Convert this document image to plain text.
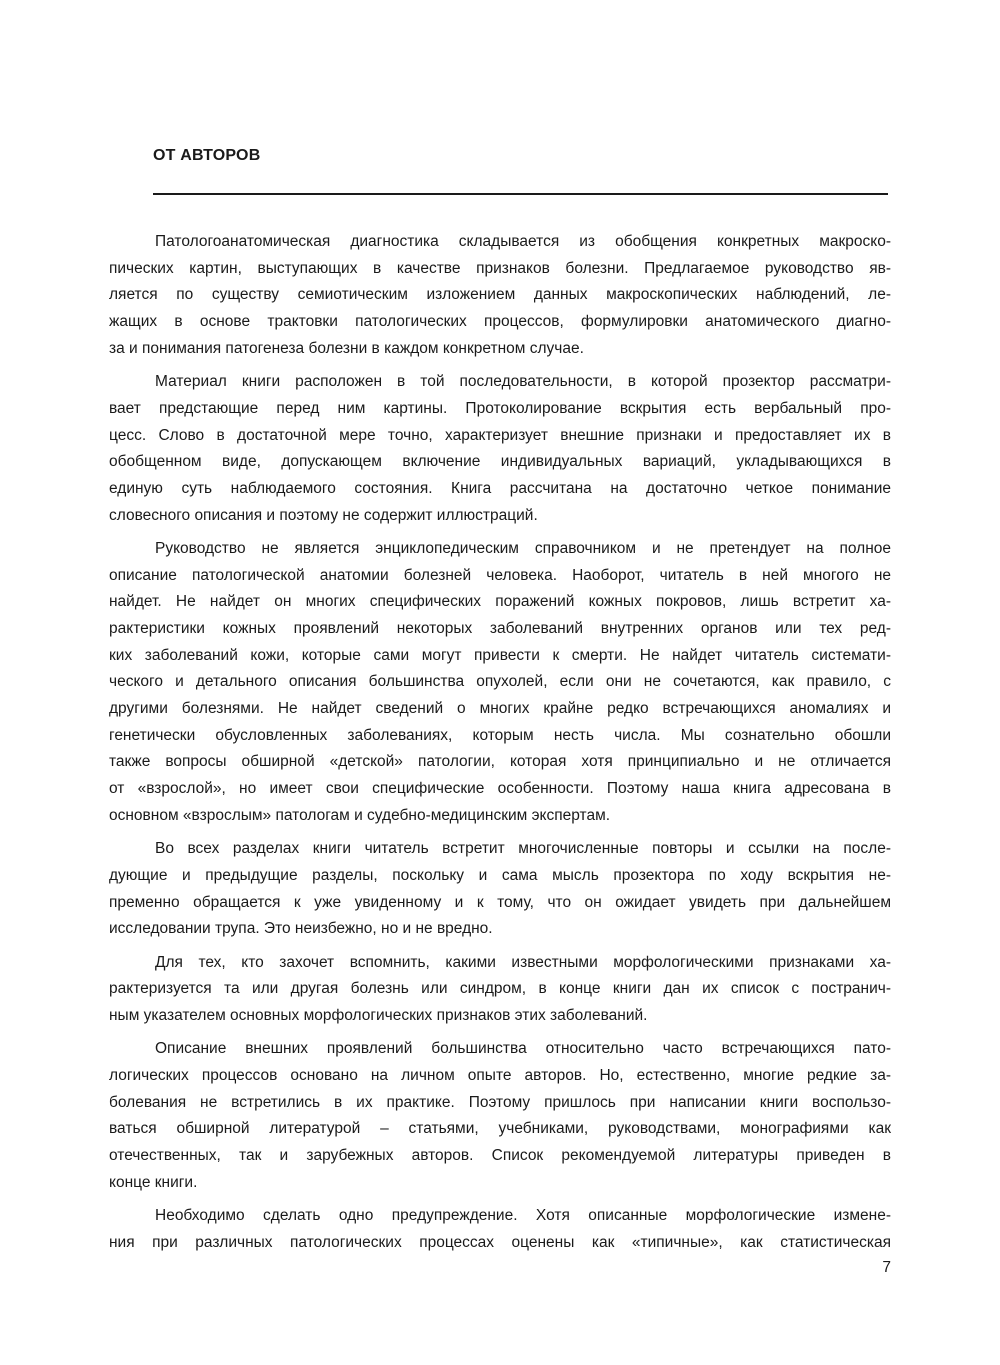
ОТ АВТОРОВ
Патологоанатомическая диагностика складывается из обобщения конкретных макроско-
пических картин, выступающих в качестве признаков болезни. Предлагаемое руководство яв-
ляется по существу семиотическим изложением данных макроскопических наблюдений, ле-
жащих в основе трактовки патологических процессов, формулировки анатомического диагно-
за и понимания патогенеза болезни в каждом конкретном случае.
Материал книги расположен в той последовательности, в которой прозектор рассматри-
вает предстающие перед ним картины. Протоколирование вскрытия есть вербальный про-
цесс. Слово в достаточной мере точно, характеризует внешние признаки и предоставляет их в
обобщенном виде, допускающем включение индивидуальных вариаций, укладывающихся в
единую суть наблюдаемого состояния. Книга рассчитана на достаточно четкое понимание
словесного описания и поэтому не содержит иллюстраций.
Руководство не является энциклопедическим справочником и не претендует на полное
описание патологической анатомии болезней человека. Наоборот, читатель в ней многого не
найдет. Не найдет он многих специфических поражений кожных покровов, лишь встретит ха-
рактеристики кожных проявлений некоторых заболеваний внутренних органов или тех ред-
ких заболеваний кожи, которые сами могут привести к смерти. Не найдет читатель системати-
ческого и детального описания большинства опухолей, если они не сочетаются, как правило, с
другими болезнями. Не найдет сведений о многих крайне редко встречающихся аномалиях и
генетически обусловленных заболеваниях, которым несть числа. Мы сознательно обошли
также вопросы обширной «детской» патологии, которая хотя принципиально и не отличается
от «взрослой», но имеет свои специфические особенности. Поэтому наша книга адресована в
основном «взрослым» патологам и судебно-медицинским экспертам.
Во всех разделах книги читатель встретит многочисленные повторы и ссылки на после-
дующие и предыдущие разделы, поскольку и сама мысль прозектора по ходу вскрытия не-
пременно обращается к уже увиденному и к тому, что он ожидает увидеть при дальнейшем
исследовании трупа. Это неизбежно, но и не вредно.
Для тех, кто захочет вспомнить, какими известными морфологическими признаками ха-
рактеризуется та или другая болезнь или синдром, в конце книги дан их список с постранич-
ным указателем основных морфологических признаков этих заболеваний.
Описание внешних проявлений большинства относительно часто встречающихся пато-
логических процессов основано на личном опыте авторов. Но, естественно, многие редкие за-
болевания не встретились в их практике. Поэтому пришлось при написании книги воспользо-
ваться обширной литературой – статьями, учебниками, руководствами, монографиями как
отечественных, так и зарубежных авторов. Список рекомендуемой литературы приведен в
конце книги.
Необходимо сделать одно предупреждение. Хотя описанные морфологические измене-
ния при различных патологических процессах оценены как «типичные», как статистическая
7
